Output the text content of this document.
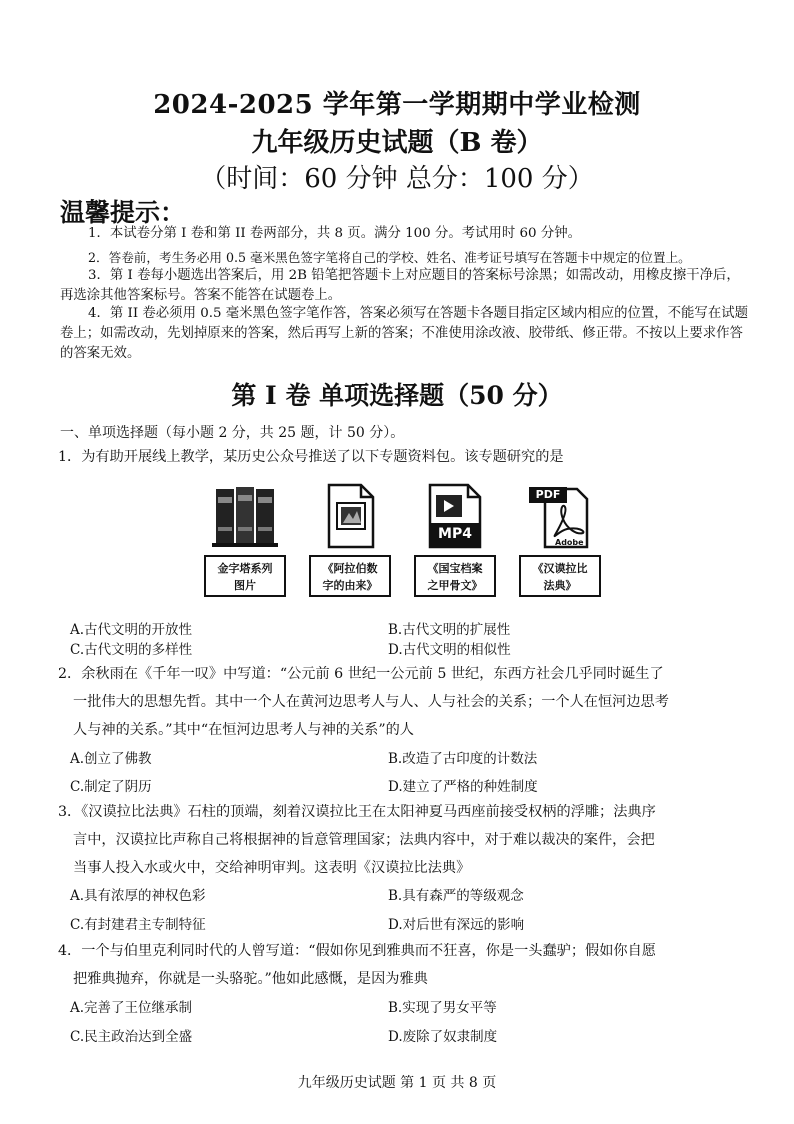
2024-2025 学年第一学期期中学业检测
九年级历史试题（B 卷）
（时间：60 分钟 总分：100 分）
温馨提示：
1．本试卷分第 I 卷和第 II 卷两部分，共 8 页。满分 100 分。考试用时 60 分钟。
2．答卷前，考生务必用 0.5 毫米黑色签字笔将自己的学校、姓名、准考证号填写在答题卡中规定的位置上。
3．第 I 卷每小题选出答案后，用 2B 铅笔把答题卡上对应题目的答案标号涂黑；如需改动，用橡皮擦干净后，再选涂其他答案标号。答案不能答在试题卷上。
4．第 II 卷必须用 0.5 毫米黑色签字笔作答，答案必须写在答题卡各题目指定区域内相应的位置，不能写在试题卷上；如需改动，先划掉原来的答案，然后再写上新的答案；不准使用涂改液、胶带纸、修正带。不按以上要求作答的答案无效。
第 I 卷 单项选择题（50 分）
一、单项选择题（每小题 2 分，共 25 题，计 50 分）。
1．为有助开展线上教学，某历史公众号推送了以下专题资料包。该专题研究的是
金字塔系列
图片
《阿拉伯数
字的由来》
MP4
《国宝档案
之甲骨文》
PDF
Adobe
《汉谟拉比
法典》
A.古代文明的开放性	B.古代文明的扩展性
C.古代文明的多样性	D.古代文明的相似性
2．余秋雨在《千年一叹》中写道：“公元前 6 世纪一公元前 5 世纪，东西方社会几乎同时诞生了
一批伟大的思想先哲。其中一个人在黄河边思考人与人、人与社会的关系；一个人在恒河边思考
人与神的关系。”其中“在恒河边思考人与神的关系”的人
A.创立了佛教	B.改造了古印度的计数法
C.制定了阴历	D.建立了严格的种姓制度
3．《汉谟拉比法典》石柱的顶端，刻着汉谟拉比王在太阳神夏马西座前接受权柄的浮雕；法典序
言中，汉谟拉比声称自己将根据神的旨意管理国家；法典内容中，对于难以裁决的案件，会把
当事人投入水或火中，交给神明审判。这表明《汉谟拉比法典》
A.具有浓厚的神权色彩	B.具有森严的等级观念
C.有封建君主专制特征	D.对后世有深远的影响
4．一个与伯里克利同时代的人曾写道：“假如你见到雅典而不狂喜，你是一头蠢驴；假如你自愿
把雅典抛弃，你就是一头骆驼。”他如此感慨，是因为雅典
A.完善了王位继承制	B.实现了男女平等
C.民主政治达到全盛	D.废除了奴隶制度
九年级历史试题 第 1 页 共 8 页
